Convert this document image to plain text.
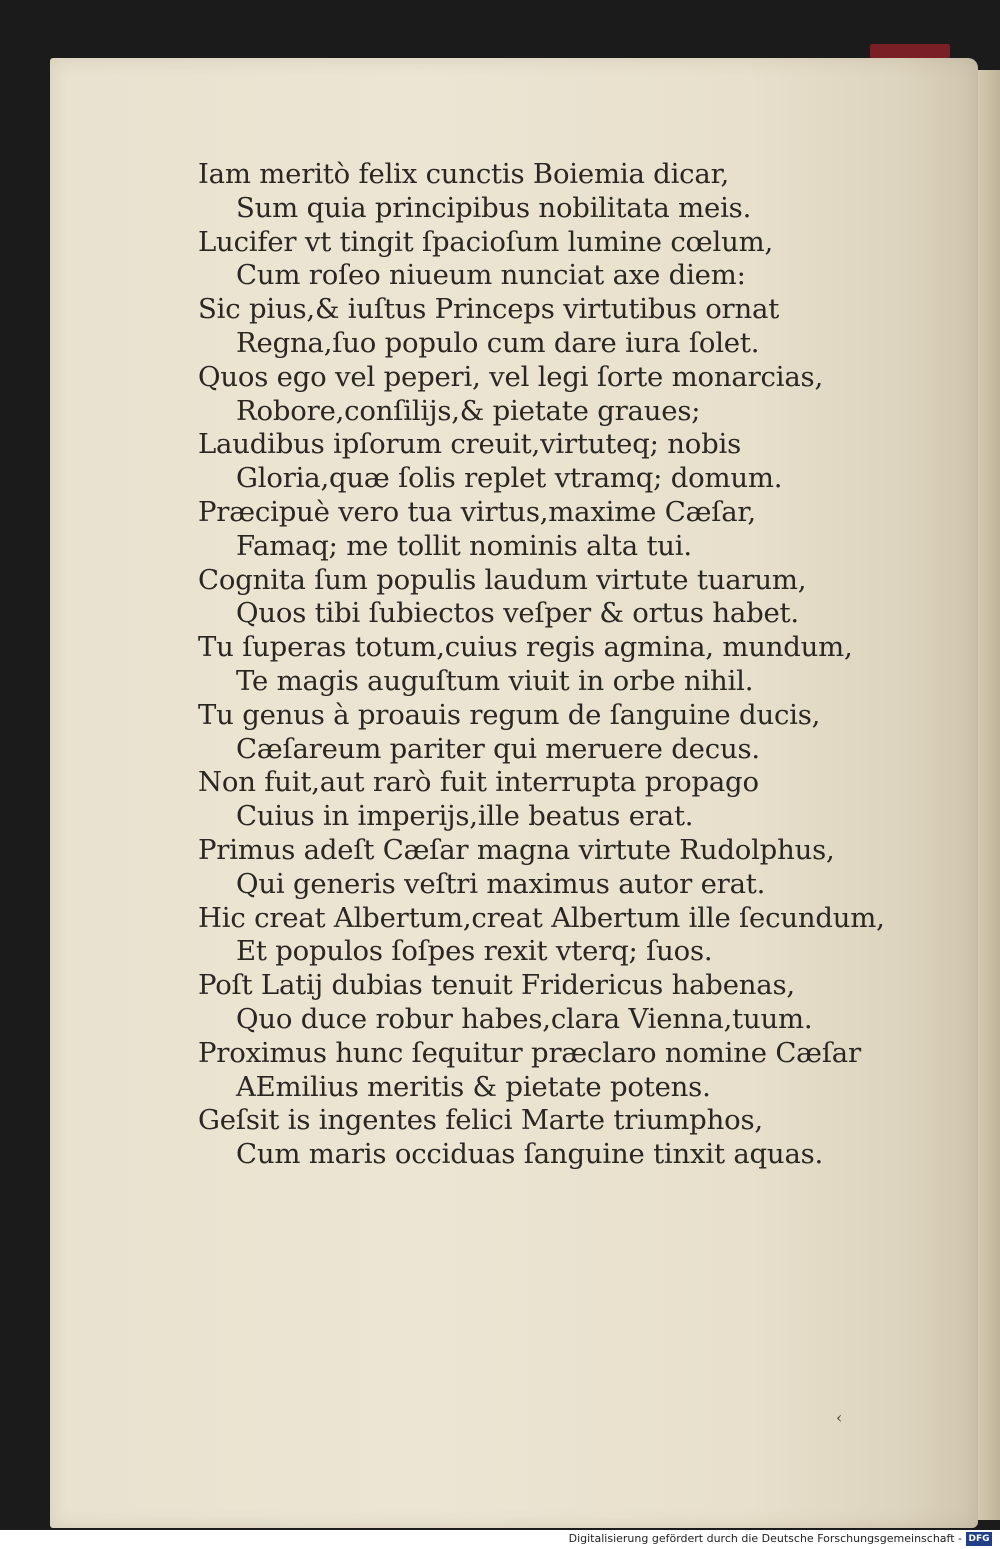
Iam meritò felix cunctis Boiemia dicar,
Sum quia principibus nobilitata meis.
Lucifer vt tingit ſpacioſum lumine cœlum,
Cum roſeo niueum nunciat axe diem:
Sic pius,& iuſtus Princeps virtutibus ornat
Regna,ſuo populo cum dare iura ſolet.
Quos ego vel peperi, vel legi ſorte monarcias,
Robore,conſilijs,& pietate graues;
Laudibus ipſorum creuit,virtuteq; nobis
Gloria,quæ ſolis replet vtramq; domum.
Præcipuè vero tua virtus,maxime Cæſar,
Famaq; me tollit nominis alta tui.
Cognita ſum populis laudum virtute tuarum,
Quos tibi ſubiectos veſper & ortus habet.
Tu ſuperas totum,cuius regis agmina, mundum,
Te magis auguſtum viuit in orbe nihil.
Tu genus à proauis regum de ſanguine ducis,
Cæſareum pariter qui meruere decus.
Non fuit,aut rarò fuit interrupta propago
Cuius in imperijs,ille beatus erat.
Primus adeſt Cæſar magna virtute Rudolphus,
Qui generis veſtri maximus autor erat.
Hic creat Albertum,creat Albertum ille ſecundum,
Et populos ſoſpes rexit vterq; ſuos.
Poſt Latij dubias tenuit Fridericus habenas,
Quo duce robur habes,clara Vienna,tuum.
Proximus hunc ſequitur præclaro nomine Cæſar
AEmilius meritis & pietate potens.
Geſsit is ingentes felici Marte triumphos,
Cum maris occiduas ſanguine tinxit aquas.
‹
Digitalisierung gefördert durch die Deutsche Forschungsgemeinschaft - DFG
